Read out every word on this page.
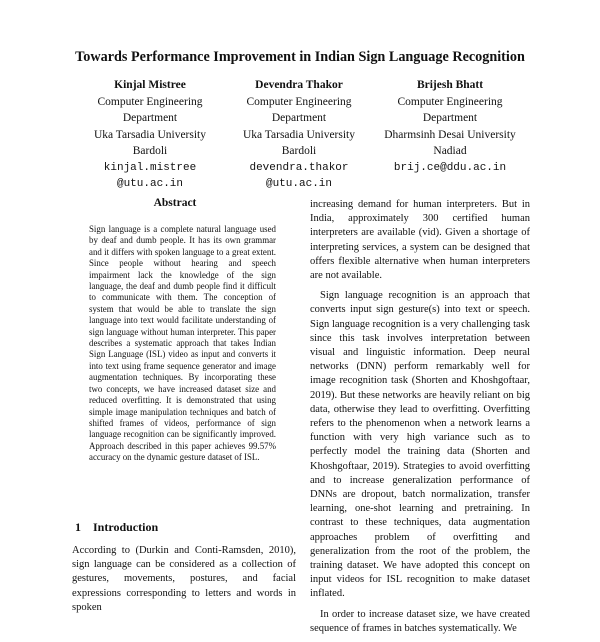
Towards Performance Improvement in Indian Sign Language Recognition
Kinjal Mistree
Computer Engineering
Department
Uka Tarsadia University
Bardoli
kinjal.mistree
@utu.ac.in
Devendra Thakor
Computer Engineering
Department
Uka Tarsadia University
Bardoli
devendra.thakor
@utu.ac.in
Brijesh Bhatt
Computer Engineering
Department
Dharmsinh Desai University
Nadiad
brij.ce@ddu.ac.in
Abstract
Sign language is a complete natural language used by deaf and dumb people. It has its own grammar and it differs with spoken language to a great extent. Since people without hearing and speech impairment lack the knowledge of the sign language, the deaf and dumb people find it difficult to communicate with them. The conception of system that would be able to translate the sign language into text would facilitate understanding of sign language without human interpreter. This paper describes a systematic approach that takes Indian Sign Language (ISL) video as input and converts it into text using frame sequence generator and image augmentation techniques. By incorporating these two concepts, we have increased dataset size and reduced overfitting. It is demonstrated that using simple image manipulation techniques and batch of shifted frames of videos, performance of sign language recognition can be significantly improved. Approach described in this paper achieves 99.57% accuracy on the dynamic gesture dataset of ISL.
1 Introduction
According to (Durkin and Conti-Ramsden, 2010), sign language can be considered as a collection of gestures, movements, postures, and facial expressions corresponding to letters and words in spoken

increasing demand for human interpreters. But in India, approximately 300 certified human interpreters are available (vid). Given a shortage of interpreting services, a system can be designed that offers flexible alternative when human interpreters are not available.

Sign language recognition is an approach that converts input sign gesture(s) into text or speech. Sign language recognition is a very challenging task since this task involves interpretation between visual and linguistic information. Deep neural networks (DNN) perform remarkably well for image recognition task (Shorten and Khoshgoftaar, 2019). But these networks are heavily reliant on big data, otherwise they lead to overfitting. Overfitting refers to the phenomenon when a network learns a function with very high variance such as to perfectly model the training data (Shorten and Khoshgoftaar, 2019). Strategies to avoid overfitting and to increase generalization performance of DNNs are dropout, batch normalization, transfer learning, one-shot learning and pretraining. In contrast to these techniques, data augmentation approaches problem of overfitting and generalization from the root of the problem, the training dataset. We have adopted this concept on input videos for ISL recognition to make dataset inflated.

In order to increase dataset size, we have created sequence of frames in batches systematically. We
